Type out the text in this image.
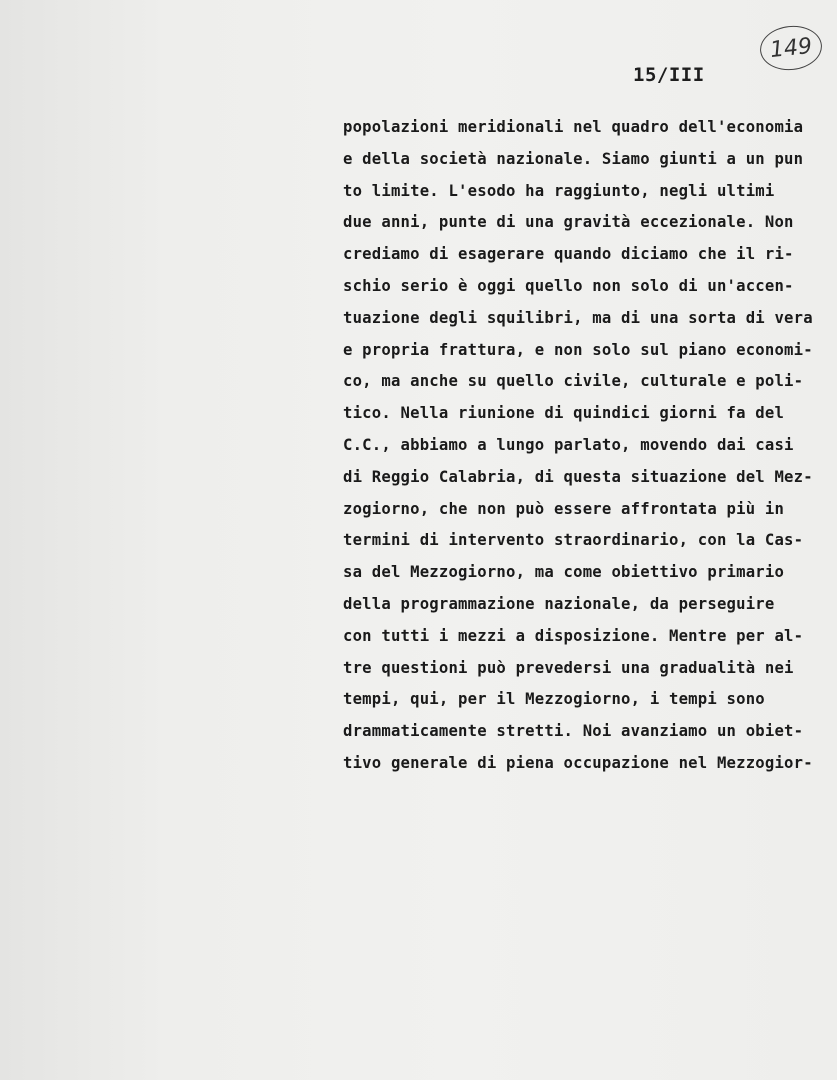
149
15/III
popolazioni meridionali nel quadro dell'economia
e della società nazionale. Siamo giunti a un pun
to limite. L'esodo ha raggiunto, negli ultimi
due anni, punte di una gravità eccezionale. Non
crediamo di esagerare quando diciamo che il ri-
schio serio è oggi quello non solo di un'accen-
tuazione degli squilibri, ma di una sorta di vera
e propria frattura, e non solo sul piano economi-
co, ma anche su quello civile, culturale e poli-
tico. Nella riunione di quindici giorni fa del
C.C., abbiamo a lungo parlato, movendo dai casi
di Reggio Calabria, di questa situazione del Mez-
zogiorno, che non può essere affrontata più in
termini di intervento straordinario, con la Cas-
sa del Mezzogiorno, ma come obiettivo primario
della programmazione nazionale, da perseguire
con tutti i mezzi a disposizione. Mentre per al-
tre questioni può prevedersi una gradualità nei
tempi, qui, per il Mezzogiorno, i tempi sono
drammaticamente stretti. Noi avanziamo un obiet-
tivo generale di piena occupazione nel Mezzogior-
